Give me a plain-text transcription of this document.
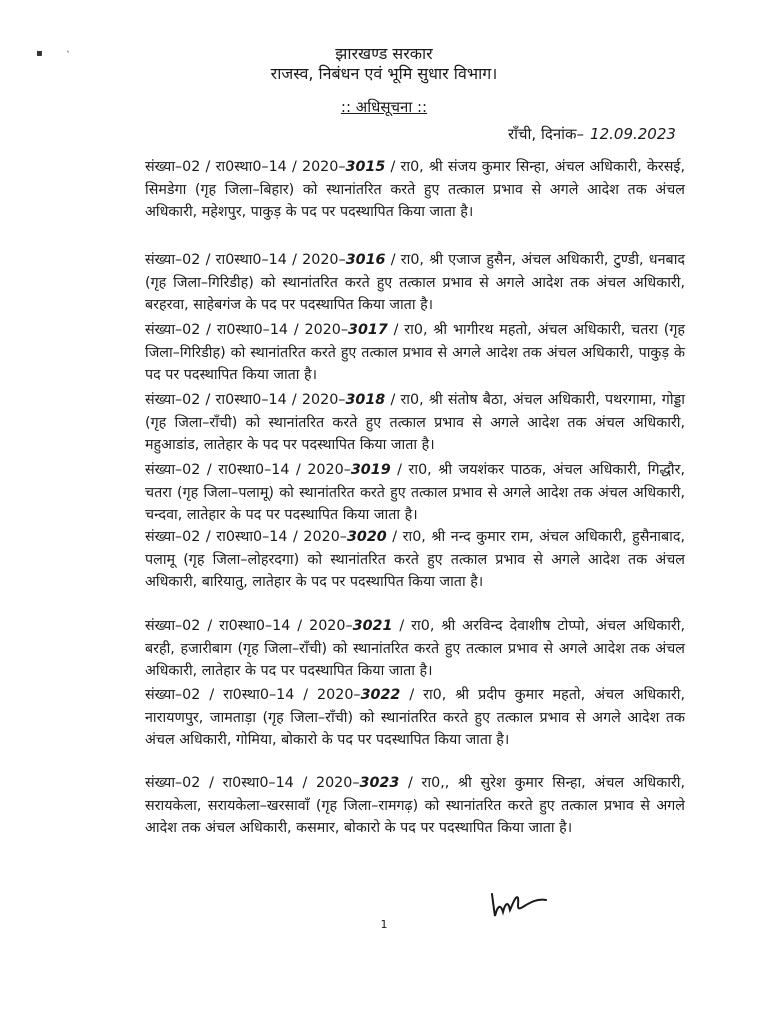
▪
ˎ	झारखण्ड सरकार
राजस्व, निबंधन एवं भूमि सुधार विभाग।
:: अधिसूचना ::
राँची, दिनांक– 12.09.2023

संख्या–02 / रा0स्था0–14 / 2020–3015 / रा0, श्री संजय कुमार सिन्हा, अंचल अधिकारी, केरसई, सिमडेगा (गृह जिला–बिहार) को स्थानांतरित करते हुए तत्काल प्रभाव से अगले आदेश तक अंचल अधिकारी, महेशपुर, पाकुड़ के पद पर पदस्थापित किया जाता है।

संख्या–02 / रा0स्था0–14 / 2020–3016 / रा0, श्री एजाज हुसैन, अंचल अधिकारी, टुण्डी, धनबाद (गृह जिला–गिरिडीह) को स्थानांतरित करते हुए तत्काल प्रभाव से अगले आदेश तक अंचल अधिकारी, बरहरवा, साहेबगंज के पद पर पदस्थापित किया जाता है।

संख्या–02 / रा0स्था0–14 / 2020–3017 / रा0, श्री भागीरथ महतो, अंचल अधिकारी, चतरा (गृह जिला–गिरिडीह) को स्थानांतरित करते हुए तत्काल प्रभाव से अगले आदेश तक अंचल अधिकारी, पाकुड़ के पद पर पदस्थापित किया जाता है।

संख्या–02 / रा0स्था0–14 / 2020–3018 / रा0, श्री संतोष बैठा, अंचल अधिकारी, पथरगामा, गोड्डा (गृह जिला–राँची) को स्थानांतरित करते हुए तत्काल प्रभाव से अगले आदेश तक अंचल अधिकारी, महुआडांड, लातेहार के पद पर पदस्थापित किया जाता है।

संख्या–02 / रा0स्था0–14 / 2020–3019 / रा0, श्री जयशंकर पाठक, अंचल अधिकारी, गिद्धौर, चतरा (गृह जिला–पलामू) को स्थानांतरित करते हुए तत्काल प्रभाव से अगले आदेश तक अंचल अधिकारी, चन्दवा, लातेहार के पद पर पदस्थापित किया जाता है।

संख्या–02 / रा0स्था0–14 / 2020–3020 / रा0, श्री नन्द कुमार राम, अंचल अधिकारी, हुसैनाबाद, पलामू (गृह जिला–लोहरदगा) को स्थानांतरित करते हुए तत्काल प्रभाव से अगले आदेश तक अंचल अधिकारी, बारियातु, लातेहार के पद पर पदस्थापित किया जाता है।

संख्या–02 / रा0स्था0–14 / 2020–3021 / रा0, श्री अरविन्द देवाशीष टोप्पो, अंचल अधिकारी, बरही, हजारीबाग (गृह जिला–राँची) को स्थानांतरित करते हुए तत्काल प्रभाव से अगले आदेश तक अंचल अधिकारी, लातेहार के पद पर पदस्थापित किया जाता है।

संख्या–02 / रा0स्था0–14 / 2020–3022 / रा0, श्री प्रदीप कुमार महतो, अंचल अधिकारी, नारायणपुर, जामताड़ा (गृह जिला–राँची) को स्थानांतरित करते हुए तत्काल प्रभाव से अगले आदेश तक अंचल अधिकारी, गोमिया, बोकारो के पद पर पदस्थापित किया जाता है।

संख्या–02 / रा0स्था0–14 / 2020–3023 / रा0,, श्री सुरेश कुमार सिन्हा, अंचल अधिकारी, सरायकेला, सरायकेला–खरसावाँ (गृह जिला–रामगढ़) को स्थानांतरित करते हुए तत्काल प्रभाव से अगले आदेश तक अंचल अधिकारी, कसमार, बोकारो के पद पर पदस्थापित किया जाता है।

1
